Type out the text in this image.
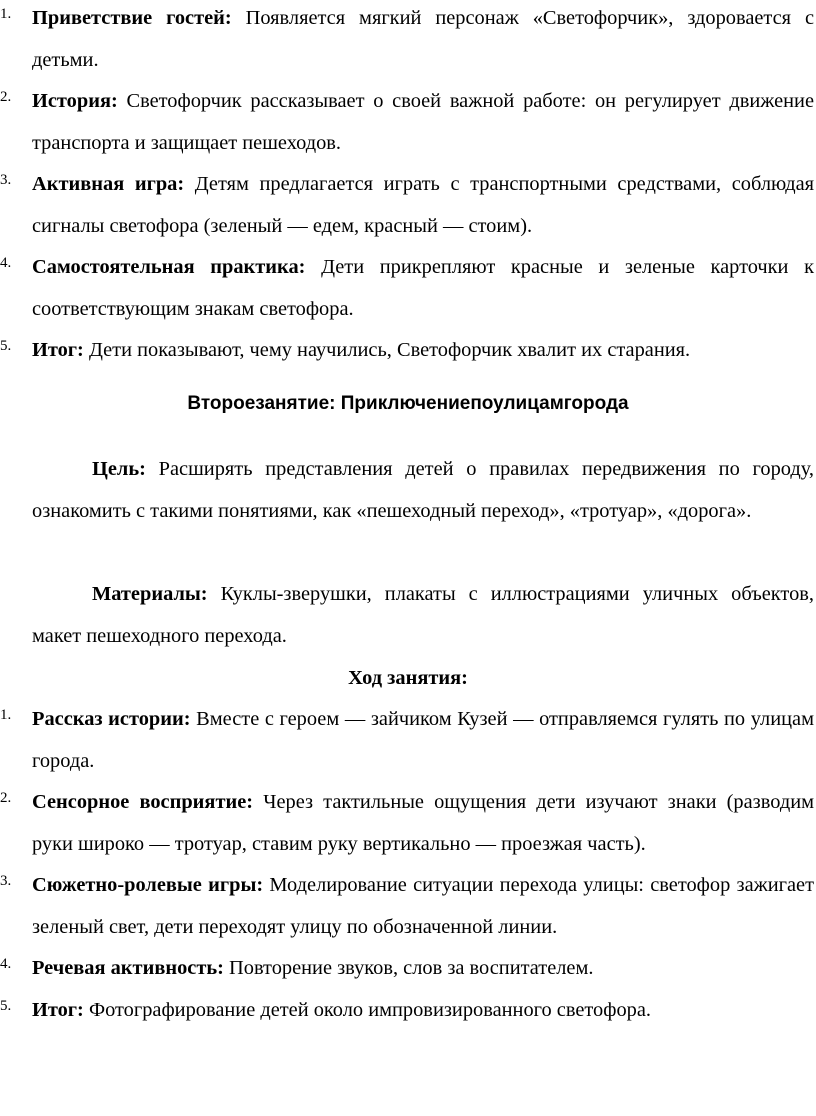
1.	Приветствие гостей: Появляется мягкий персонаж «Светофорчик», здоровается с детьми.
2.	История: Светофорчик рассказывает о своей важной работе: он регулирует движение транспорта и защищает пешеходов.
3.	Активная игра: Детям предлагается играть с транспортными средствами, соблюдая сигналы светофора (зеленый — едем, красный — стоим).
4.	Самостоятельная практика: Дети прикрепляют красные и зеленые карточки к соответствующим знакам светофора.
5.	Итог: Дети показывают, чему научились, Светофорчик хвалит их старания.
Второезанятие: Приключениепоулицамгорода
Цель: Расширять представления детей о правилах передвижения по городу, ознакомить с такими понятиями, как «пешеходный переход», «тротуар», «дорога».
Материалы: Куклы-зверушки, плакаты с иллюстрациями уличных объектов, макет пешеходного перехода.
Ход занятия:
1.	Рассказ истории: Вместе с героем — зайчиком Кузей — отправляемся гулять по улицам города.
2.	Сенсорное восприятие: Через тактильные ощущения дети изучают знаки (разводим руки широко — тротуар, ставим руку вертикально — проезжая часть).
3.	Сюжетно-ролевые игры: Моделирование ситуации перехода улицы: светофор зажигает зеленый свет, дети переходят улицу по обозначенной линии.
4.	Речевая активность: Повторение звуков, слов за воспитателем.
5.	Итог: Фотографирование детей около импровизированного светофора.
